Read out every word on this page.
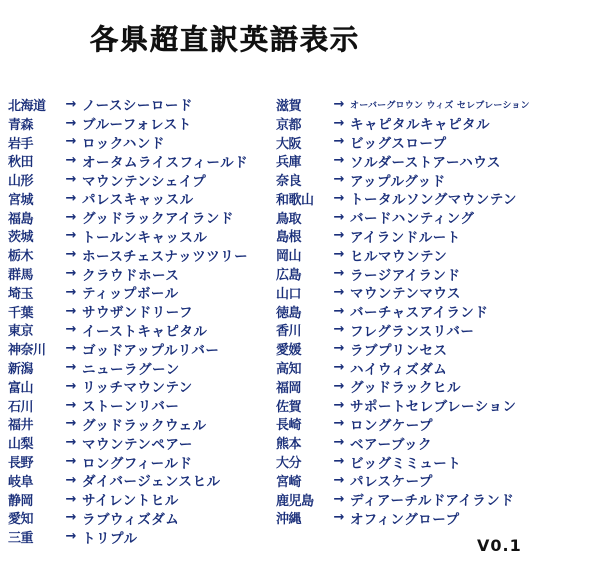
各県超直訳英語表示
北海道	→ ノースシーロード
青森	→ ブルーフォレスト
岩手	→ ロックハンド
秋田	→ オータムライスフィールド
山形	→ マウンテンシェイプ
宮城	→ パレスキャッスル
福島	→ グッドラックアイランド
茨城	→ トールンキャッスル
栃木	→ ホースチェスナッツツリー
群馬	→ クラウドホース
埼玉	→ ティップボール
千葉	→ サウザンドリーフ
東京	→ イーストキャピタル
神奈川	→ ゴッドアップルリバー
新潟	→ ニューラグーン
富山	→ リッチマウンテン
石川	→ ストーンリバー
福井	→ グッドラックウェル
山梨	→ マウンテンペアー
長野	→ ロングフィールド
岐阜	→ ダイバージェンスヒル
静岡	→ サイレントヒル
愛知	→ ラブウィズダム
三重	→ トリプル
滋賀	→ オーバーグロウン ウィズ セレブレーション
京都	→ キャピタルキャピタル
大阪	→ ビッグスロープ
兵庫	→ ソルダーストアーハウス
奈良	→ アップルグッド
和歌山	→ トータルソングマウンテン
鳥取	→ バードハンティング
島根	→ アイランドルート
岡山	→ ヒルマウンテン
広島	→ ラージアイランド
山口	→ マウンテンマウス
徳島	→ バーチャスアイランド
香川	→ フレグランスリバー
愛媛	→ ラブプリンセス
高知	→ ハイウィズダム
福岡	→ グッドラックヒル
佐賀	→ サポートセレブレーション
長崎	→ ロングケープ
熊本	→ ベアーブック
大分	→ ビッグミミュート
宮崎	→ パレスケープ
鹿児島	→ ディアーチルドアイランド
沖縄	→ オフィングロープ
V0.1
